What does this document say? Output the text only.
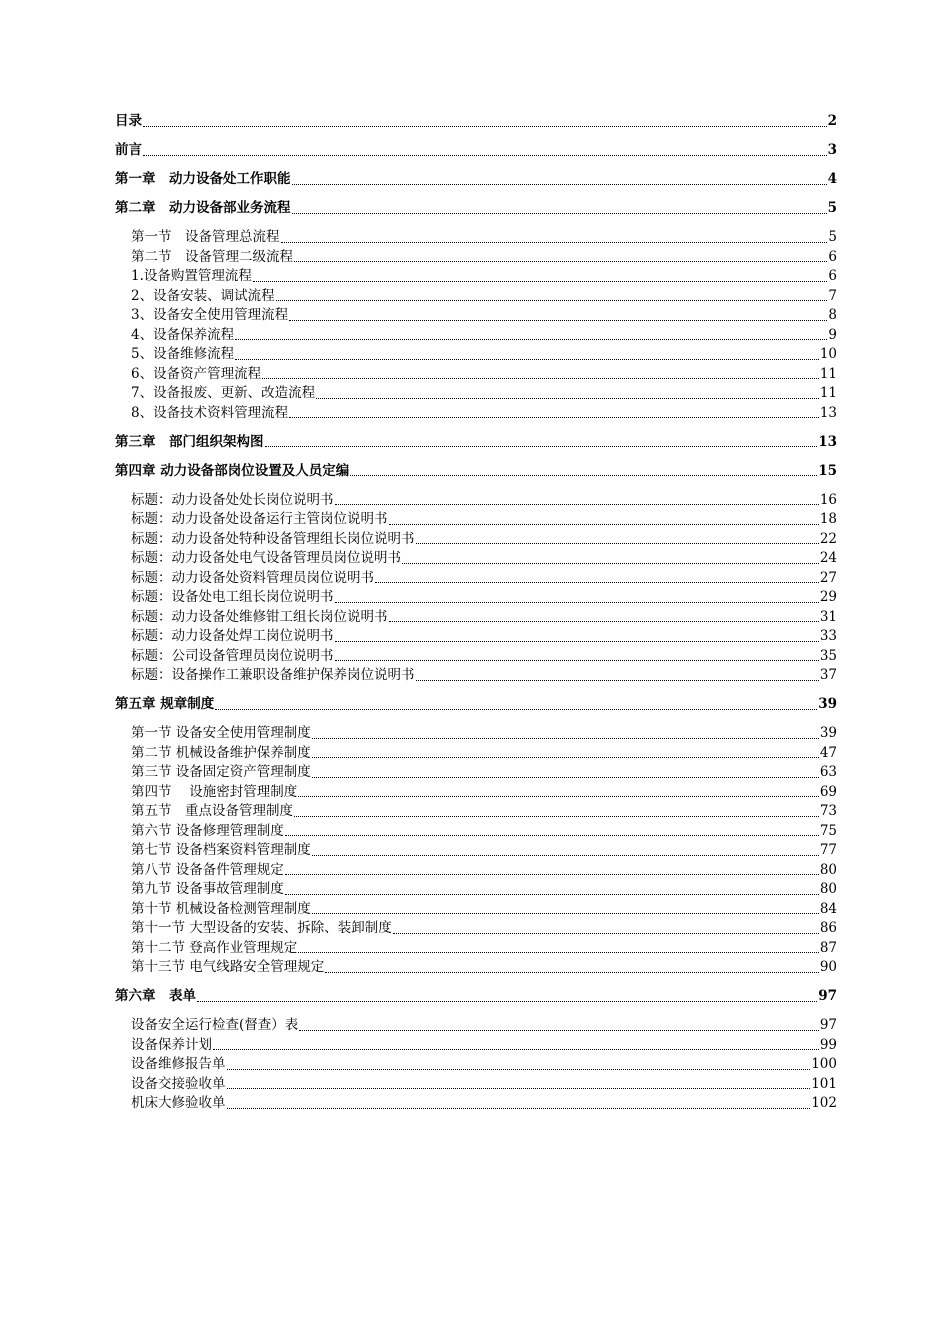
目录	2
前言	3
第一章　动力设备处工作职能	4
第二章　动力设备部业务流程	5
第一节　设备管理总流程	5
第二节　设备管理二级流程	6
1.设备购置管理流程	6
2、设备安装、调试流程	7
3、设备安全使用管理流程	8
4、设备保养流程	9
5、设备维修流程	10
6、设备资产管理流程	11
7、设备报废、更新、改造流程	11
8、设备技术资料管理流程	13
第三章　部门组织架构图	13
第四章 动力设备部岗位设置及人员定编	15
标题：动力设备处处长岗位说明书	16
标题：动力设备处设备运行主管岗位说明书	18
标题：动力设备处特种设备管理组长岗位说明书	22
标题：动力设备处电气设备管理员岗位说明书	24
标题：动力设备处资料管理员岗位说明书	27
标题：设备处电工组长岗位说明书	29
标题：动力设备处维修钳工组长岗位说明书	31
标题：动力设备处焊工岗位说明书	33
标题：公司设备管理员岗位说明书	35
标题：设备操作工兼职设备维护保养岗位说明书	37
第五章 规章制度	39
第一节 设备安全使用管理制度	39
第二节 机械设备维护保养制度	47
第三节 设备固定资产管理制度	63
第四节　 设施密封管理制度	69
第五节　重点设备管理制度	73
第六节 设备修理管理制度	75
第七节 设备档案资料管理制度	77
第八节 设备备件管理规定	80
第九节 设备事故管理制度	80
第十节 机械设备检测管理制度	84
第十一节 大型设备的安装、拆除、装卸制度	86
第十二节 登高作业管理规定	87
第十三节 电气线路安全管理规定	90
第六章　表单	97
设备安全运行检查(督查）表	97
设备保养计划	99
设备维修报告单	100
设备交接验收单	101
机床大修验收单	102
